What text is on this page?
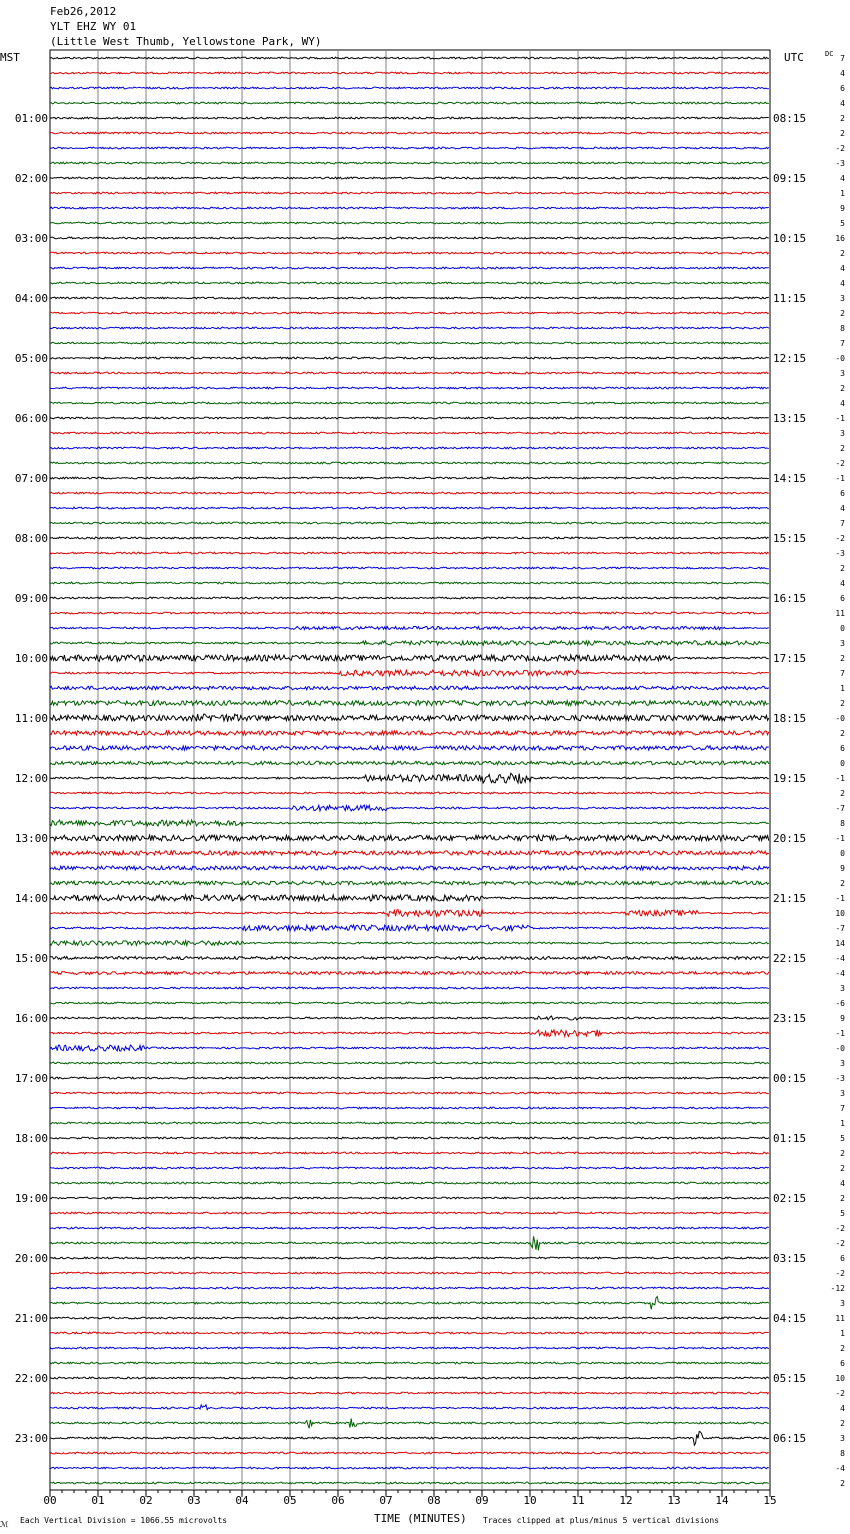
00	01	02	03	04	05	06	07	08	09	10	11	12	13	14	15
7
4
6
4
2
2
-2
-3
4
1
9
5
16
2
4
4
3
2
8
7
-0
3
2
4
-1
3
2
-2
-1
6
4
7
-2
-3
2
4
6
11
0
3
2
7
1
2
-0
2
6
0
-1
2
-7
8
-1
0
9
2
-1
10
-7
14
-4
-4
3
-6
9
-1
-0
3
-3
3
7
1
5
2
2
4
2
5
-2
-2
6
-2
-12
3
11
1
2
6
10
-2
4
2
3
8
-4
2
01:00	08:15
02:00	09:15
03:00	10:15
04:00	11:15
05:00	12:15
06:00	13:15
07:00	14:15
08:00	15:15
09:00	16:15
10:00	17:15
11:00	18:15
12:00	19:15
13:00	20:15
14:00	21:15
15:00	22:15
16:00	23:15
17:00	00:15
18:00	01:15
19:00	02:15
20:00	03:15
21:00	04:15
22:00	05:15
23:00	06:15
Feb26,2012
YLT EHZ WY 01
(Little West Thumb, Yellowstone Park, WY)
MST	UTC	DC
ℳ Each Vertical Division = 1066.55 microvolts	TIME (MINUTES) Traces clipped at plus/minus 5 vertical divisions
